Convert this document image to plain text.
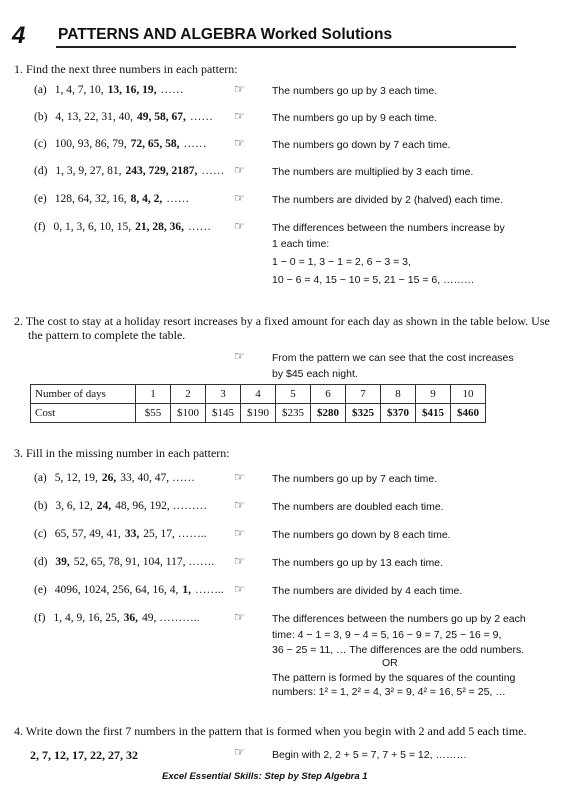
4 PATTERNS AND ALGEBRA Worked Solutions
1. Find the next three numbers in each pattern:
(a) 1, 4, 7, 10, 13, 16, 19, ……	☞	The numbers go up by 3 each time.
(b) 4, 13, 22, 31, 40, 49, 58, 67, …… ☞	The numbers go up by 9 each time.
(c) 100, 93, 86, 79, 72, 65, 58, …… ☞	The numbers go down by 7 each time.
(d) 1, 3, 9, 27, 81, 243, 729, 2187, …… ☞	The numbers are multiplied by 3 each time.
(e) 128, 64, 32, 16, 8, 4, 2, ……	☞	The numbers are divided by 2 (halved) each time.
(f) 0, 1, 3, 6, 10, 15, 21, 28, 36, …… ☞	The differences between the numbers increase by
1 each time:
1 − 0 = 1, 3 − 1 = 2, 6 − 3 = 3,
10 − 6 = 4, 15 − 10 = 5, 21 − 15 = 6, ………
2. The cost to stay at a holiday resort increases by a fixed amount for each day as shown in the table below. Use
the pattern to complete the table.
☞	From the pattern we can see that the cost increases
by $45 each night.
Number of days	1	2	3	4	5	6	7	8	9	10
Cost	$55	$100	$145	$190	$235	$280	$325	$370	$415	$460
3. Fill in the missing number in each pattern:
(a) 5, 12, 19, 26, 33, 40, 47, ……	☞	The numbers go up by 7 each time.
(b) 3, 6, 12, 24, 48, 96, 192, ……… ☞	The numbers are doubled each time.
(c) 65, 57, 49, 41, 33, 25, 17, …….. ☞	The numbers go down by 8 each time.
(d) 39, 52, 65, 78, 91, 104, 117, ……. ☞	The numbers go up by 13 each time.
(e) 4096, 1024, 256, 64, 16, 4, 1, …….. ☞	The numbers are divided by 4 each time.
(f) 1, 4, 9, 16, 25, 36, 49, ………..	☞	The differences between the numbers go up by 2 each
time: 4 − 1 = 3, 9 − 4 = 5, 16 − 9 = 7, 25 − 16 = 9,
36 − 25 = 11, … The differences are the odd numbers.
OR
The pattern is formed by the squares of the counting
numbers: 1² = 1, 2² = 4, 3² = 9, 4² = 16, 5² = 25, …
4. Write down the first 7 numbers in the pattern that is formed when you begin with 2 and add 5 each time.
2, 7, 12, 17, 22, 27, 32	☞	Begin with 2, 2 + 5 = 7, 7 + 5 = 12, ………
Excel Essential Skills: Step by Step Algebra 1
